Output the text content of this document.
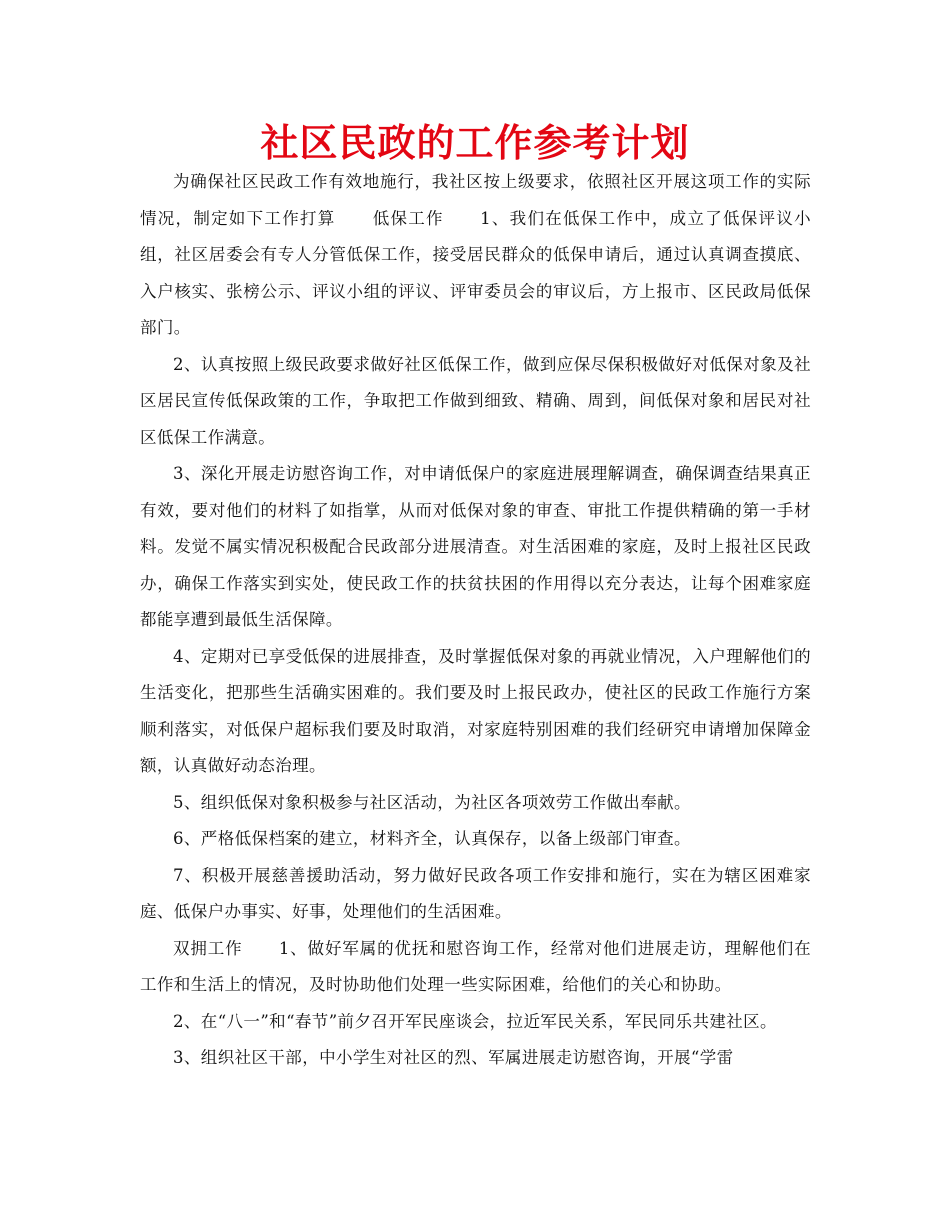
社区民政的工作参考计划

为确保社区民政工作有效地施行，我社区按上级要求，依照社区开展这项工作的实际情况，制定如下工作打算 低保工作 1、我们在低保工作中，成立了低保评议小组，社区居委会有专人分管低保工作，接受居民群众的低保申请后，通过认真调查摸底、入户核实、张榜公示、评议小组的评议、评审委员会的审议后，方上报市、区民政局低保部门。

2、认真按照上级民政要求做好社区低保工作，做到应保尽保积极做好对低保对象及社区居民宣传低保政策的工作，争取把工作做到细致、精确、周到，间低保对象和居民对社区低保工作满意。

3、深化开展走访慰咨询工作，对申请低保户的家庭进展理解调查，确保调查结果真正有效，要对他们的材料了如指掌，从而对低保对象的审查、审批工作提供精确的第一手材料。发觉不属实情况积极配合民政部分进展清查。对生活困难的家庭，及时上报社区民政办，确保工作落实到实处，使民政工作的扶贫扶困的作用得以充分表达，让每个困难家庭都能享遭到最低生活保障。

4、定期对已享受低保的进展排查，及时掌握低保对象的再就业情况，入户理解他们的生活变化，把那些生活确实困难的。我们要及时上报民政办，使社区的民政工作施行方案顺利落实，对低保户超标我们要及时取消，对家庭特别困难的我们经研究申请增加保障金额，认真做好动态治理。

5、组织低保对象积极参与社区活动，为社区各项效劳工作做出奉献。

6、严格低保档案的建立，材料齐全，认真保存，以备上级部门审查。

7、积极开展慈善援助活动，努力做好民政各项工作安排和施行，实在为辖区困难家庭、低保户办事实、好事，处理他们的生活困难。

双拥工作 1、做好军属的优抚和慰咨询工作，经常对他们进展走访，理解他们在工作和生活上的情况，及时协助他们处理一些实际困难，给他们的关心和协助。

2、在“八一”和“春节”前夕召开军民座谈会，拉近军民关系，军民同乐共建社区。

3、组织社区干部，中小学生对社区的烈、军属进展走访慰咨询，开展“学雷
